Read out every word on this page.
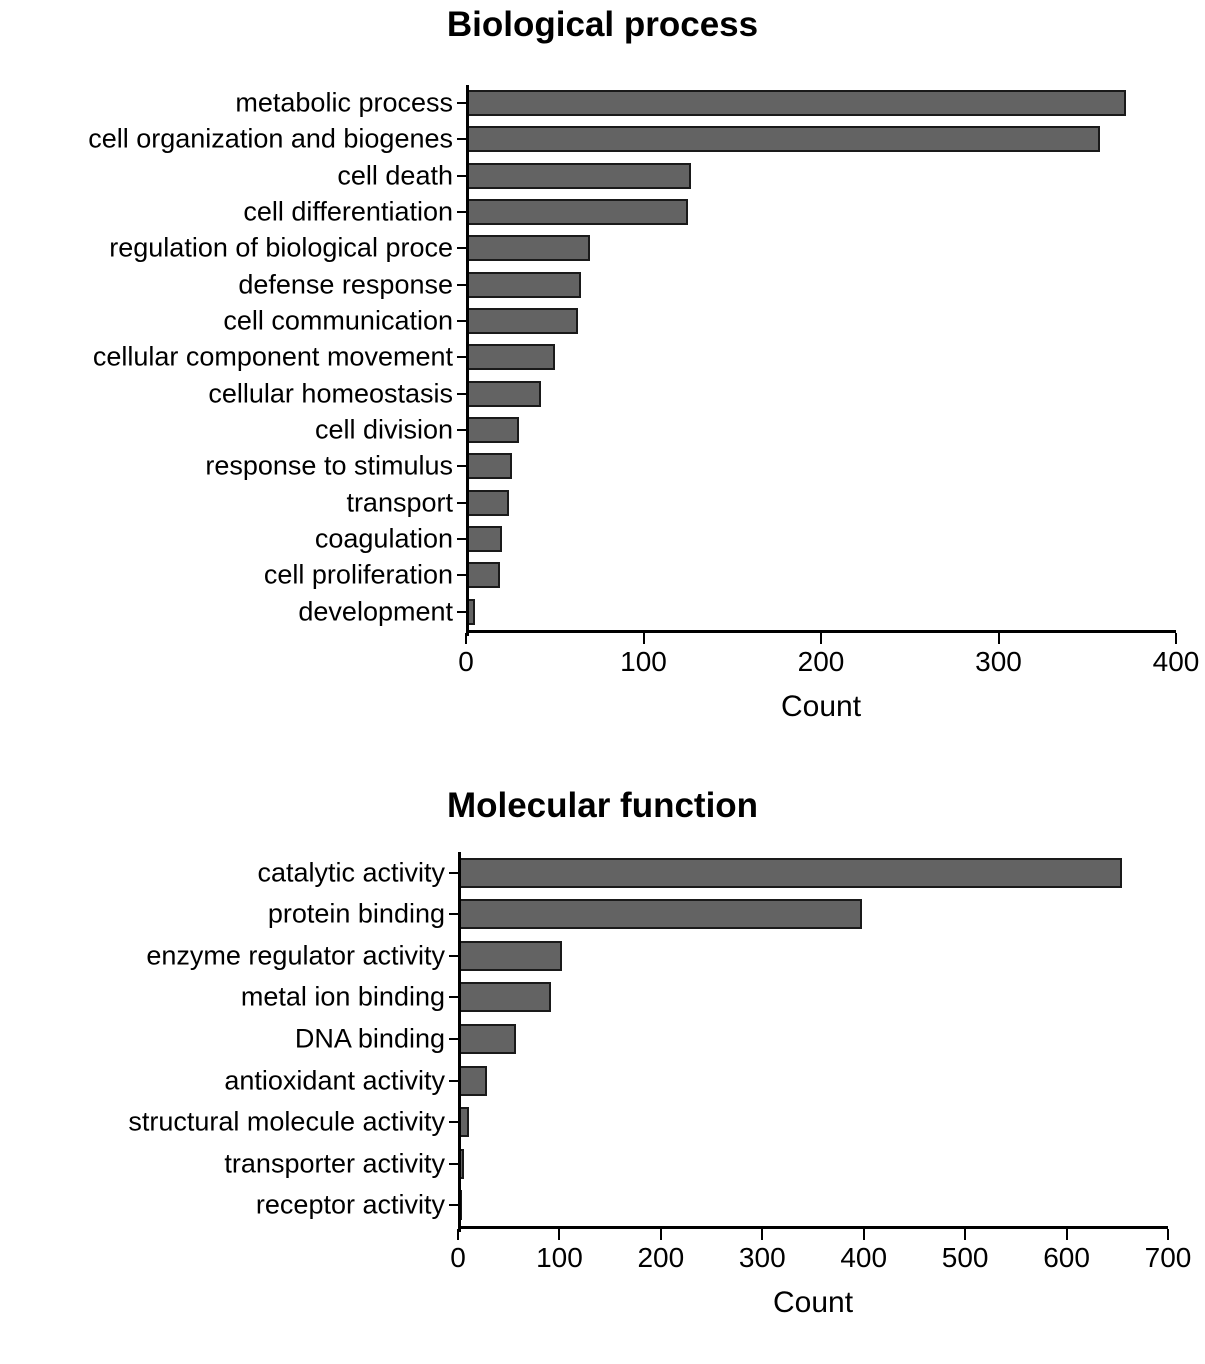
Biological process
metabolic process
cell organization and biogenes
cell death
cell differentiation
regulation of biological proce
defense response
cell communication
cellular component movement
cellular homeostasis
cell division
response to stimulus
transport
coagulation
cell proliferation
development
0	100	200	300	400
Count
Molecular function
catalytic activity
protein binding
enzyme regulator activity
metal ion binding
DNA binding
antioxidant activity
structural molecule activity
transporter activity
receptor activity
0	100 200 300 400 500 600 700
Count
